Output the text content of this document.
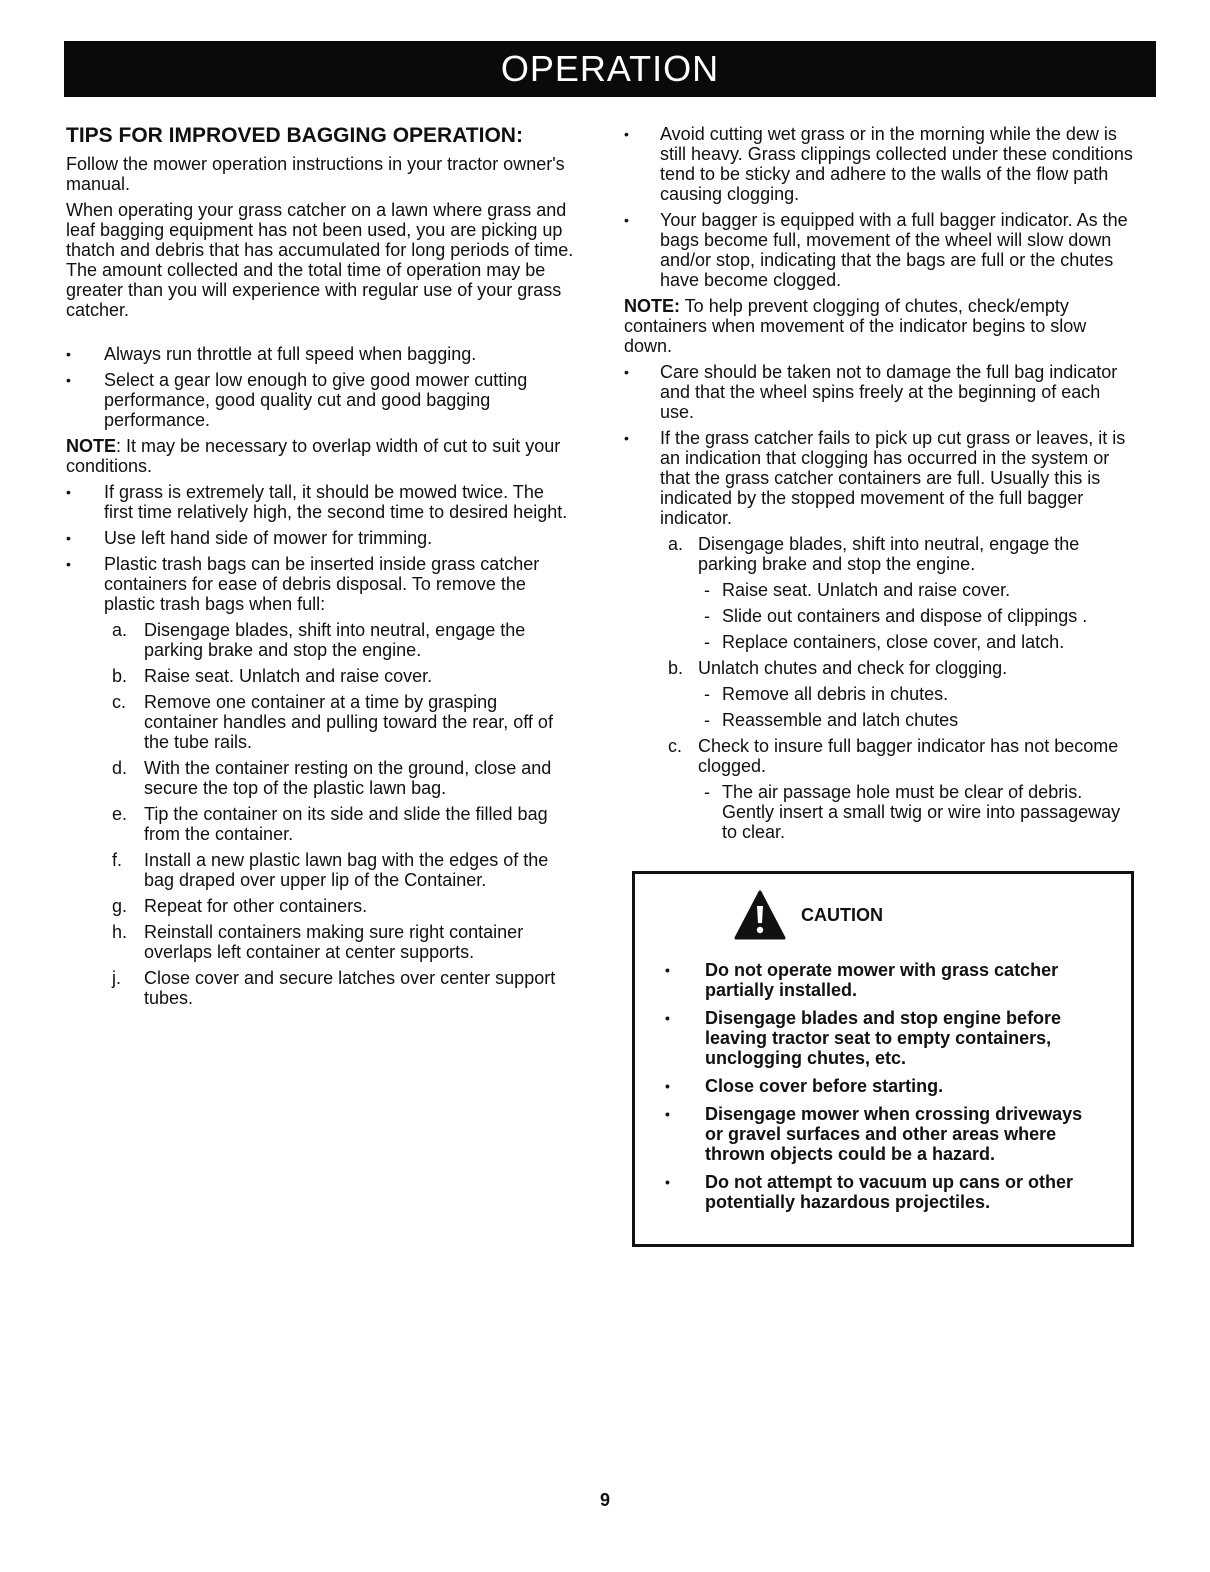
OPERATION
TIPS FOR IMPROVED BAGGING OPERATION:

Follow the mower operation instructions in your tractor owner's manual.

When operating your grass catcher on a lawn where grass and leaf bagging equipment has not been used, you are picking up thatch and debris that has accumulated for long periods of time. The amount collected and the total time of operation may be greater than you will experience with regular use of your grass catcher.

• Always run throttle at full speed when bagging.
• Select a gear low enough to give good mower cutting performance, good quality cut and good bagging performance.

NOTE: It may be necessary to overlap width of cut to suit your conditions.

• If grass is extremely tall, it should be mowed twice. The first time relatively high, the second time to desired height.
• Use left hand side of mower for trimming.
• Plastic trash bags can be inserted inside grass catcher containers for ease of debris disposal. To remove the plastic trash bags when full:
a. Disengage blades, shift into neutral, engage the parking brake and stop the engine.
b. Raise seat. Unlatch and raise cover.
c. Remove one container at a time by grasping container handles and pulling toward the rear, off of the tube rails.
d. With the container resting on the ground, close and secure the top of the plastic lawn bag.
e. Tip the container on its side and slide the filled bag from the container.
f. Install a new plastic lawn bag with the edges of the bag draped over upper lip of the Container.
g. Repeat for other containers.
h. Reinstall containers making sure right container overlaps left container at center supports.
j. Close cover and secure latches over center support tubes.
• Avoid cutting wet grass or in the morning while the dew is still heavy. Grass clippings collected under these conditions tend to be sticky and adhere to the walls of the flow path causing clogging.
• Your bagger is equipped with a full bagger indicator. As the bags become full, movement of the wheel will slow down and/or stop, indicating that the bags are full or the chutes have become clogged.

NOTE: To help prevent clogging of chutes, check/empty containers when movement of the indicator begins to slow down.

• Care should be taken not to damage the full bag indicator and that the wheel spins freely at the beginning of each use.
• If the grass catcher fails to pick up cut grass or leaves, it is an indication that clogging has occurred in the system or that the grass catcher containers are full. Usually this is indicated by the stopped movement of the full bagger indicator.
a. Disengage blades, shift into neutral, engage the parking brake and stop the engine.
- Raise seat. Unlatch and raise cover.
- Slide out containers and dispose of clippings .
- Replace containers, close cover, and latch.
b. Unlatch chutes and check for clogging.
- Remove all debris in chutes.
- Reassemble and latch chutes
c. Check to insure full bagger indicator has not become clogged.
- The air passage hole must be clear of debris. Gently insert a small twig or wire into passageway to clear.
CAUTION
• Do not operate mower with grass catcher partially installed.
• Disengage blades and stop engine before leaving tractor seat to empty containers, unclogging chutes, etc.
• Close cover before starting.
• Disengage mower when crossing driveways or gravel surfaces and other areas where thrown objects could be a hazard.
• Do not attempt to vacuum up cans or other potentially hazardous projectiles.
9
